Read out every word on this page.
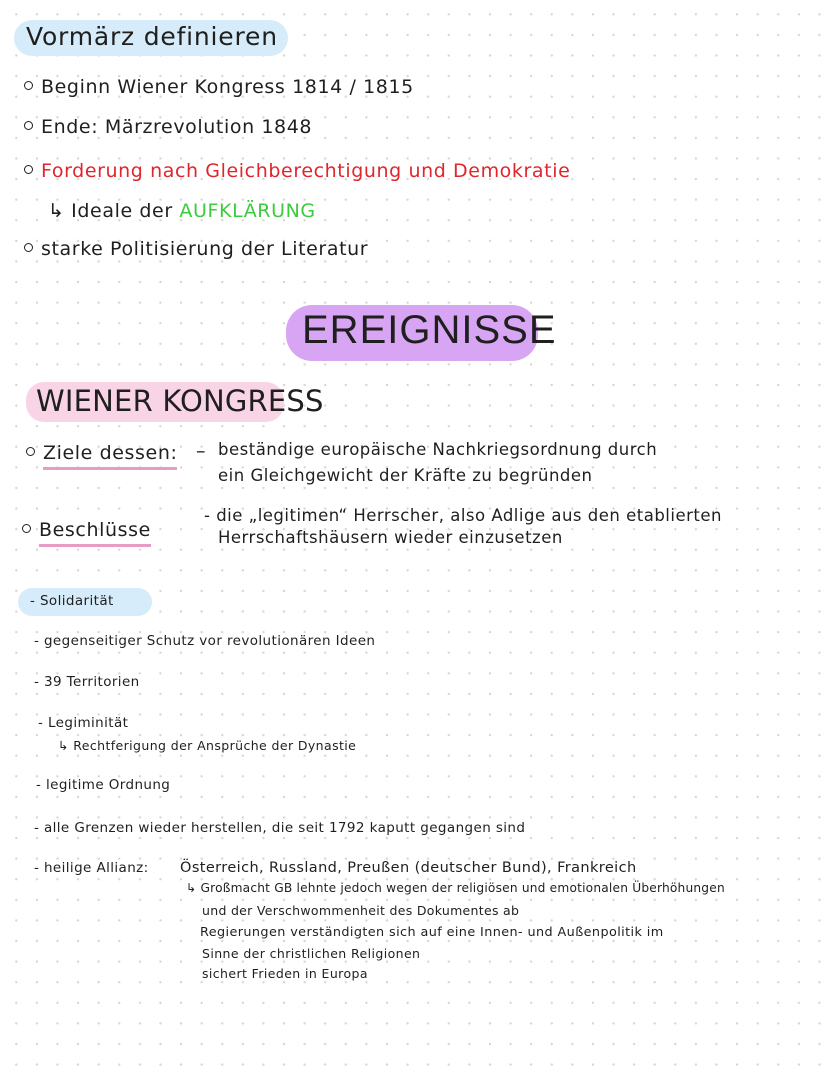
Vormärz definieren
Beginn Wiener Kongress 1814 / 1815
Ende: Märzrevolution 1848
Forderung nach Gleichberechtigung und Demokratie
↳ Ideale der AUFKLÄRUNG
starke Politisierung der Literatur
EREIGNISSE
WIENER KONGRESS
Ziele dessen: – beständige europäische Nachkriegsordnung durch
ein Gleichgewicht der Kräfte zu begründen
Beschlüsse
- die „legitimen“ Herrscher, also Adlige aus den etablierten
Herrschaftshäusern wieder einzusetzen
- Solidarität
- gegenseitiger Schutz vor revolutionären Ideen
- 39 Territorien
- Legiminität
↳ Rechtferigung der Ansprüche der Dynastie
- legitime Ordnung
- alle Grenzen wieder herstellen, die seit 1792 kaputt gegangen sind
- heilige Allianz: Österreich, Russland, Preußen (deutscher Bund), Frankreich
↳ Großmacht GB lehnte jedoch wegen der religiösen und emotionalen Überhöhungen
und der Verschwommenheit des Dokumentes ab
Regierungen verständigten sich auf eine Innen- und Außenpolitik im
Sinne der christlichen Religionen
sichert Frieden in Europa
